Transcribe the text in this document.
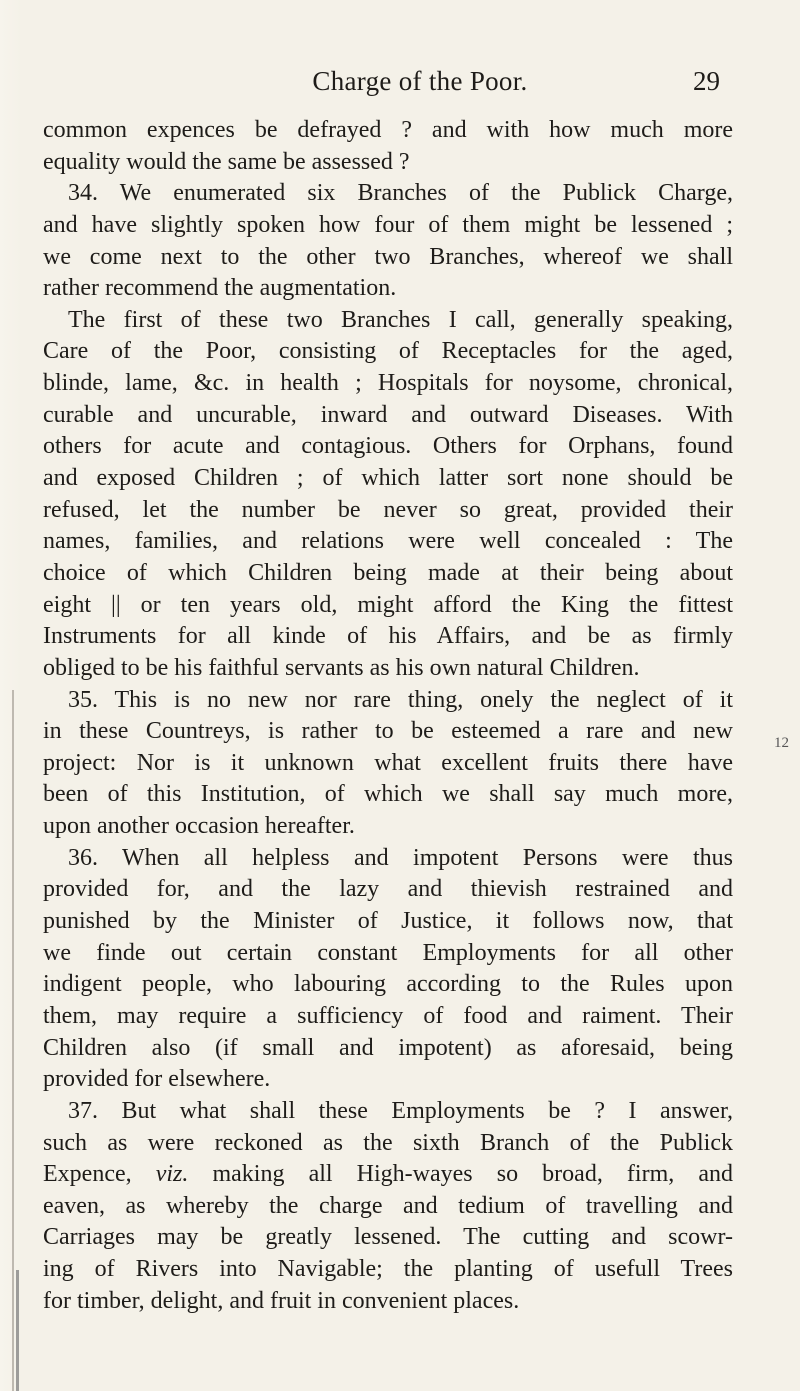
Charge of the Poor.	29
common expences be defrayed ? and with how much more
equality would the same be assessed ?
34. We enumerated six Branches of the Publick Charge,
and have slightly spoken how four of them might be lessened ;
we come next to the other two Branches, whereof we shall
rather recommend the augmentation.
The first of these two Branches I call, generally speaking,
Care of the Poor, consisting of Receptacles for the aged,
blinde, lame, &c. in health ; Hospitals for noysome, chronical,
curable and uncurable, inward and outward Diseases. With
others for acute and contagious. Others for Orphans, found
and exposed Children ; of which latter sort none should be
refused, let the number be never so great, provided their
names, families, and relations were well concealed : The
choice of which Children being made at their being about
eight || or ten years old, might afford the King the fittest
Instruments for all kinde of his Affairs, and be as firmly
obliged to be his faithful servants as his own natural Children.
35. This is no new nor rare thing, onely the neglect of it
in these Countreys, is rather to be esteemed a rare and new
project: Nor is it unknown what excellent fruits there have
been of this Institution, of which we shall say much more,
upon another occasion hereafter.
36. When all helpless and impotent Persons were thus
provided for, and the lazy and thievish restrained and
punished by the Minister of Justice, it follows now, that
we finde out certain constant Employments for all other
indigent people, who labouring according to the Rules upon
them, may require a sufficiency of food and raiment. Their
Children also (if small and impotent) as aforesaid, being
provided for elsewhere.
37. But what shall these Employments be ? I answer,
such as were reckoned as the sixth Branch of the Publick
Expence, viz. making all High-wayes so broad, firm, and
eaven, as whereby the charge and tedium of travelling and
Carriages may be greatly lessened. The cutting and scowr-
ing of Rivers into Navigable; the planting of usefull Trees
for timber, delight, and fruit in convenient places.
12
